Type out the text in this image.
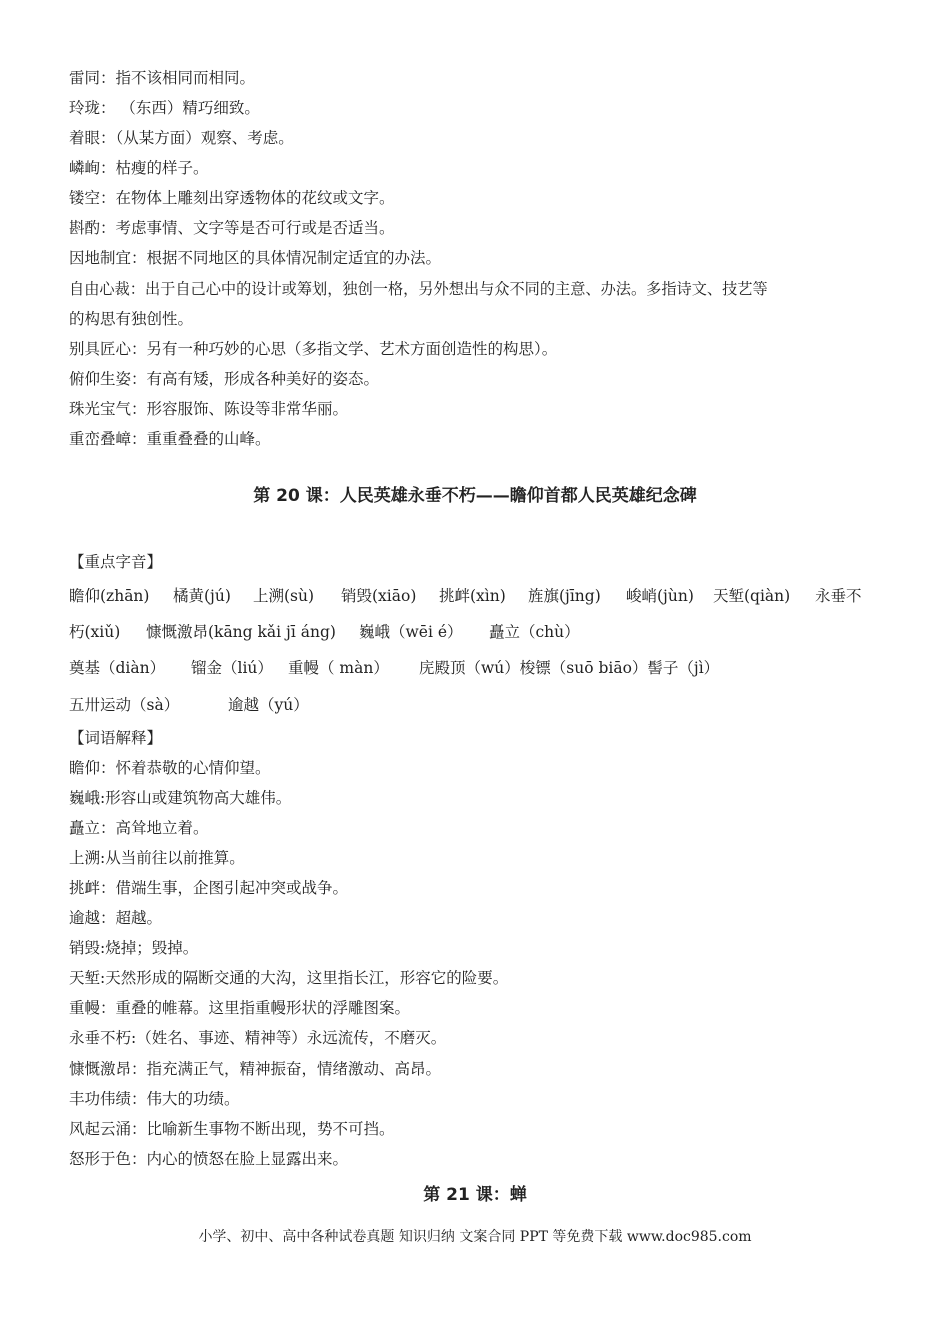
雷同：指不该相同而相同。
玲珑： （东西）精巧细致。
着眼：（从某方面）观察、考虑。
嶙峋：枯瘦的样子。
镂空：在物体上雕刻出穿透物体的花纹或文字。
斟酌：考虑事情、文字等是否可行或是否适当。
因地制宜：根据不同地区的具体情况制定适宜的办法。
自由心裁：出于自己心中的设计或筹划，独创一格，另外想出与众不同的主意、办法。多指诗文、技艺等
的构思有独创性。
别具匠心：另有一种巧妙的心思（多指文学、艺术方面创造性的构思）。
俯仰生姿：有高有矮，形成各种美好的姿态。
珠光宝气：形容服饰、陈设等非常华丽。
重峦叠嶂：重重叠叠的山峰。
第 20 课：人民英雄永垂不朽——瞻仰首都人民英雄纪念碑
【重点字音】
瞻仰(zhān) 橘黄(jú) 上溯(sù) 销毁(xiāo) 挑衅(xìn) 旌旗(jīng) 峻峭(jùn) 天堑(qiàn) 永垂不
朽(xiǔ) 慷慨激昂(kāng kǎi jī áng) 巍峨（wēi é） 矗立（chù）
奠基（diàn） 镏金（liú） 重幔（ màn） 庑殿顶（wú）梭镖（suō biāo）髻子（jì）
五卅运动（sà）	逾越（yú）
【词语解释】
瞻仰：怀着恭敬的心情仰望。
巍峨:形容山或建筑物高大雄伟。
矗立：高耸地立着。
上溯:从当前往以前推算。
挑衅：借端生事，企图引起冲突或战争。
逾越：超越。
销毁:烧掉；毁掉。
天堑:天然形成的隔断交通的大沟，这里指长江，形容它的险要。
重幔：重叠的帷幕。这里指重幔形状的浮雕图案。
永垂不朽:（姓名、事迹、精神等）永远流传，不磨灭。
慷慨激昂：指充满正气，精神振奋，情绪激动、高昂。
丰功伟绩：伟大的功绩。
风起云涌：比喻新生事物不断出现，势不可挡。
怒形于色：内心的愤怒在脸上显露出来。
第 21 课：蝉
小学、初中、高中各种试卷真题 知识归纳 文案合同 PPT 等免费下载 www.doc985.com
